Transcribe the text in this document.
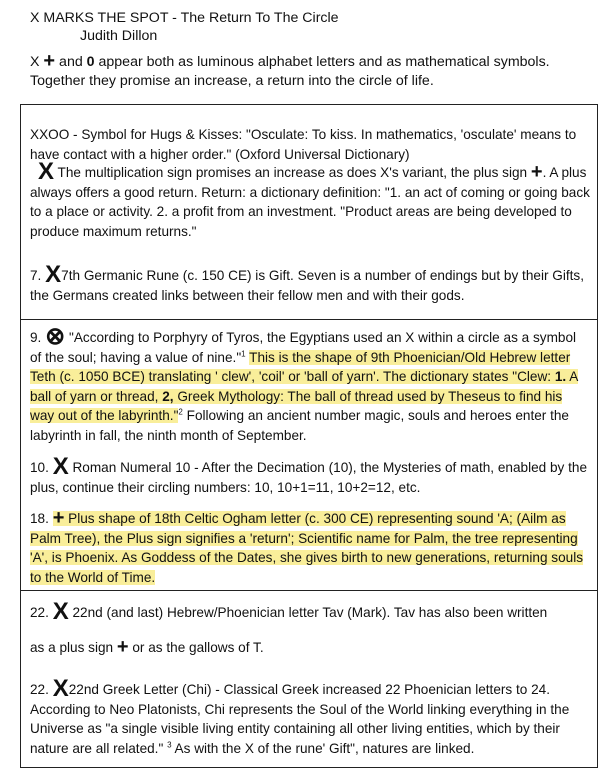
X MARKS THE SPOT - The Return To The Circle
Judith Dillon
X + and 0 appear both as luminous alphabet letters and as mathematical symbols. Together they promise an increase, a return into the circle of life.
XXOO - Symbol for Hugs & Kisses: "Osculate: To kiss. In mathematics, 'osculate' means to have contact with a higher order." (Oxford Universal Dictionary)
X The multiplication sign promises an increase as does X's variant, the plus sign +. A plus always offers a good return. Return: a dictionary definition: "1. an act of coming or going back to a place or activity. 2. a profit from an investment. "Product areas are being developed to produce maximum returns."
7. X7th Germanic Rune (c. 150 CE) is Gift. Seven is a number of endings but by their Gifts, the Germans created links between their fellow men and with their gods.
9. ⊗ "According to Porphyry of Tyros, the Egyptians used an X within a circle as a symbol of the soul; having a value of nine."$^1$ This is the shape of 9th Phoenician/Old Hebrew letter Teth (c. 1050 BCE) translating ' clew', 'coil' or 'ball of yarn'. The dictionary states "Clew: 1. A ball of yarn or thread, 2, Greek Mythology: The ball of thread used by Theseus to find his way out of the labyrinth."$^2$ Following an ancient number magic, souls and heroes enter the labyrinth in fall, the ninth month of September.
10. X Roman Numeral 10 - After the Decimation (10), the Mysteries of math, enabled by the plus, continue their circling numbers: 10, 10+1=11, 10+2=12, etc.
18. + Plus shape of 18th Celtic Ogham letter (c. 300 CE) representing sound 'A; (Ailm as Palm Tree), the Plus sign signifies a 'return'; Scientific name for Palm, the tree representing 'A', is Phoenix. As Goddess of the Dates, she gives birth to new generations, returning souls to the World of Time.
22. X 22nd (and last) Hebrew/Phoenician letter Tav (Mark). Tav has also been written
as a plus sign + or as the gallows of T.
22. X22nd Greek Letter (Chi) - Classical Greek increased 22 Phoenician letters to 24. According to Neo Platonists, Chi represents the Soul of the World linking everything in the Universe as "a single visible living entity containing all other living entities, which by their nature are all related." $^3$ As with the X of the rune' Gift", natures are linked.
